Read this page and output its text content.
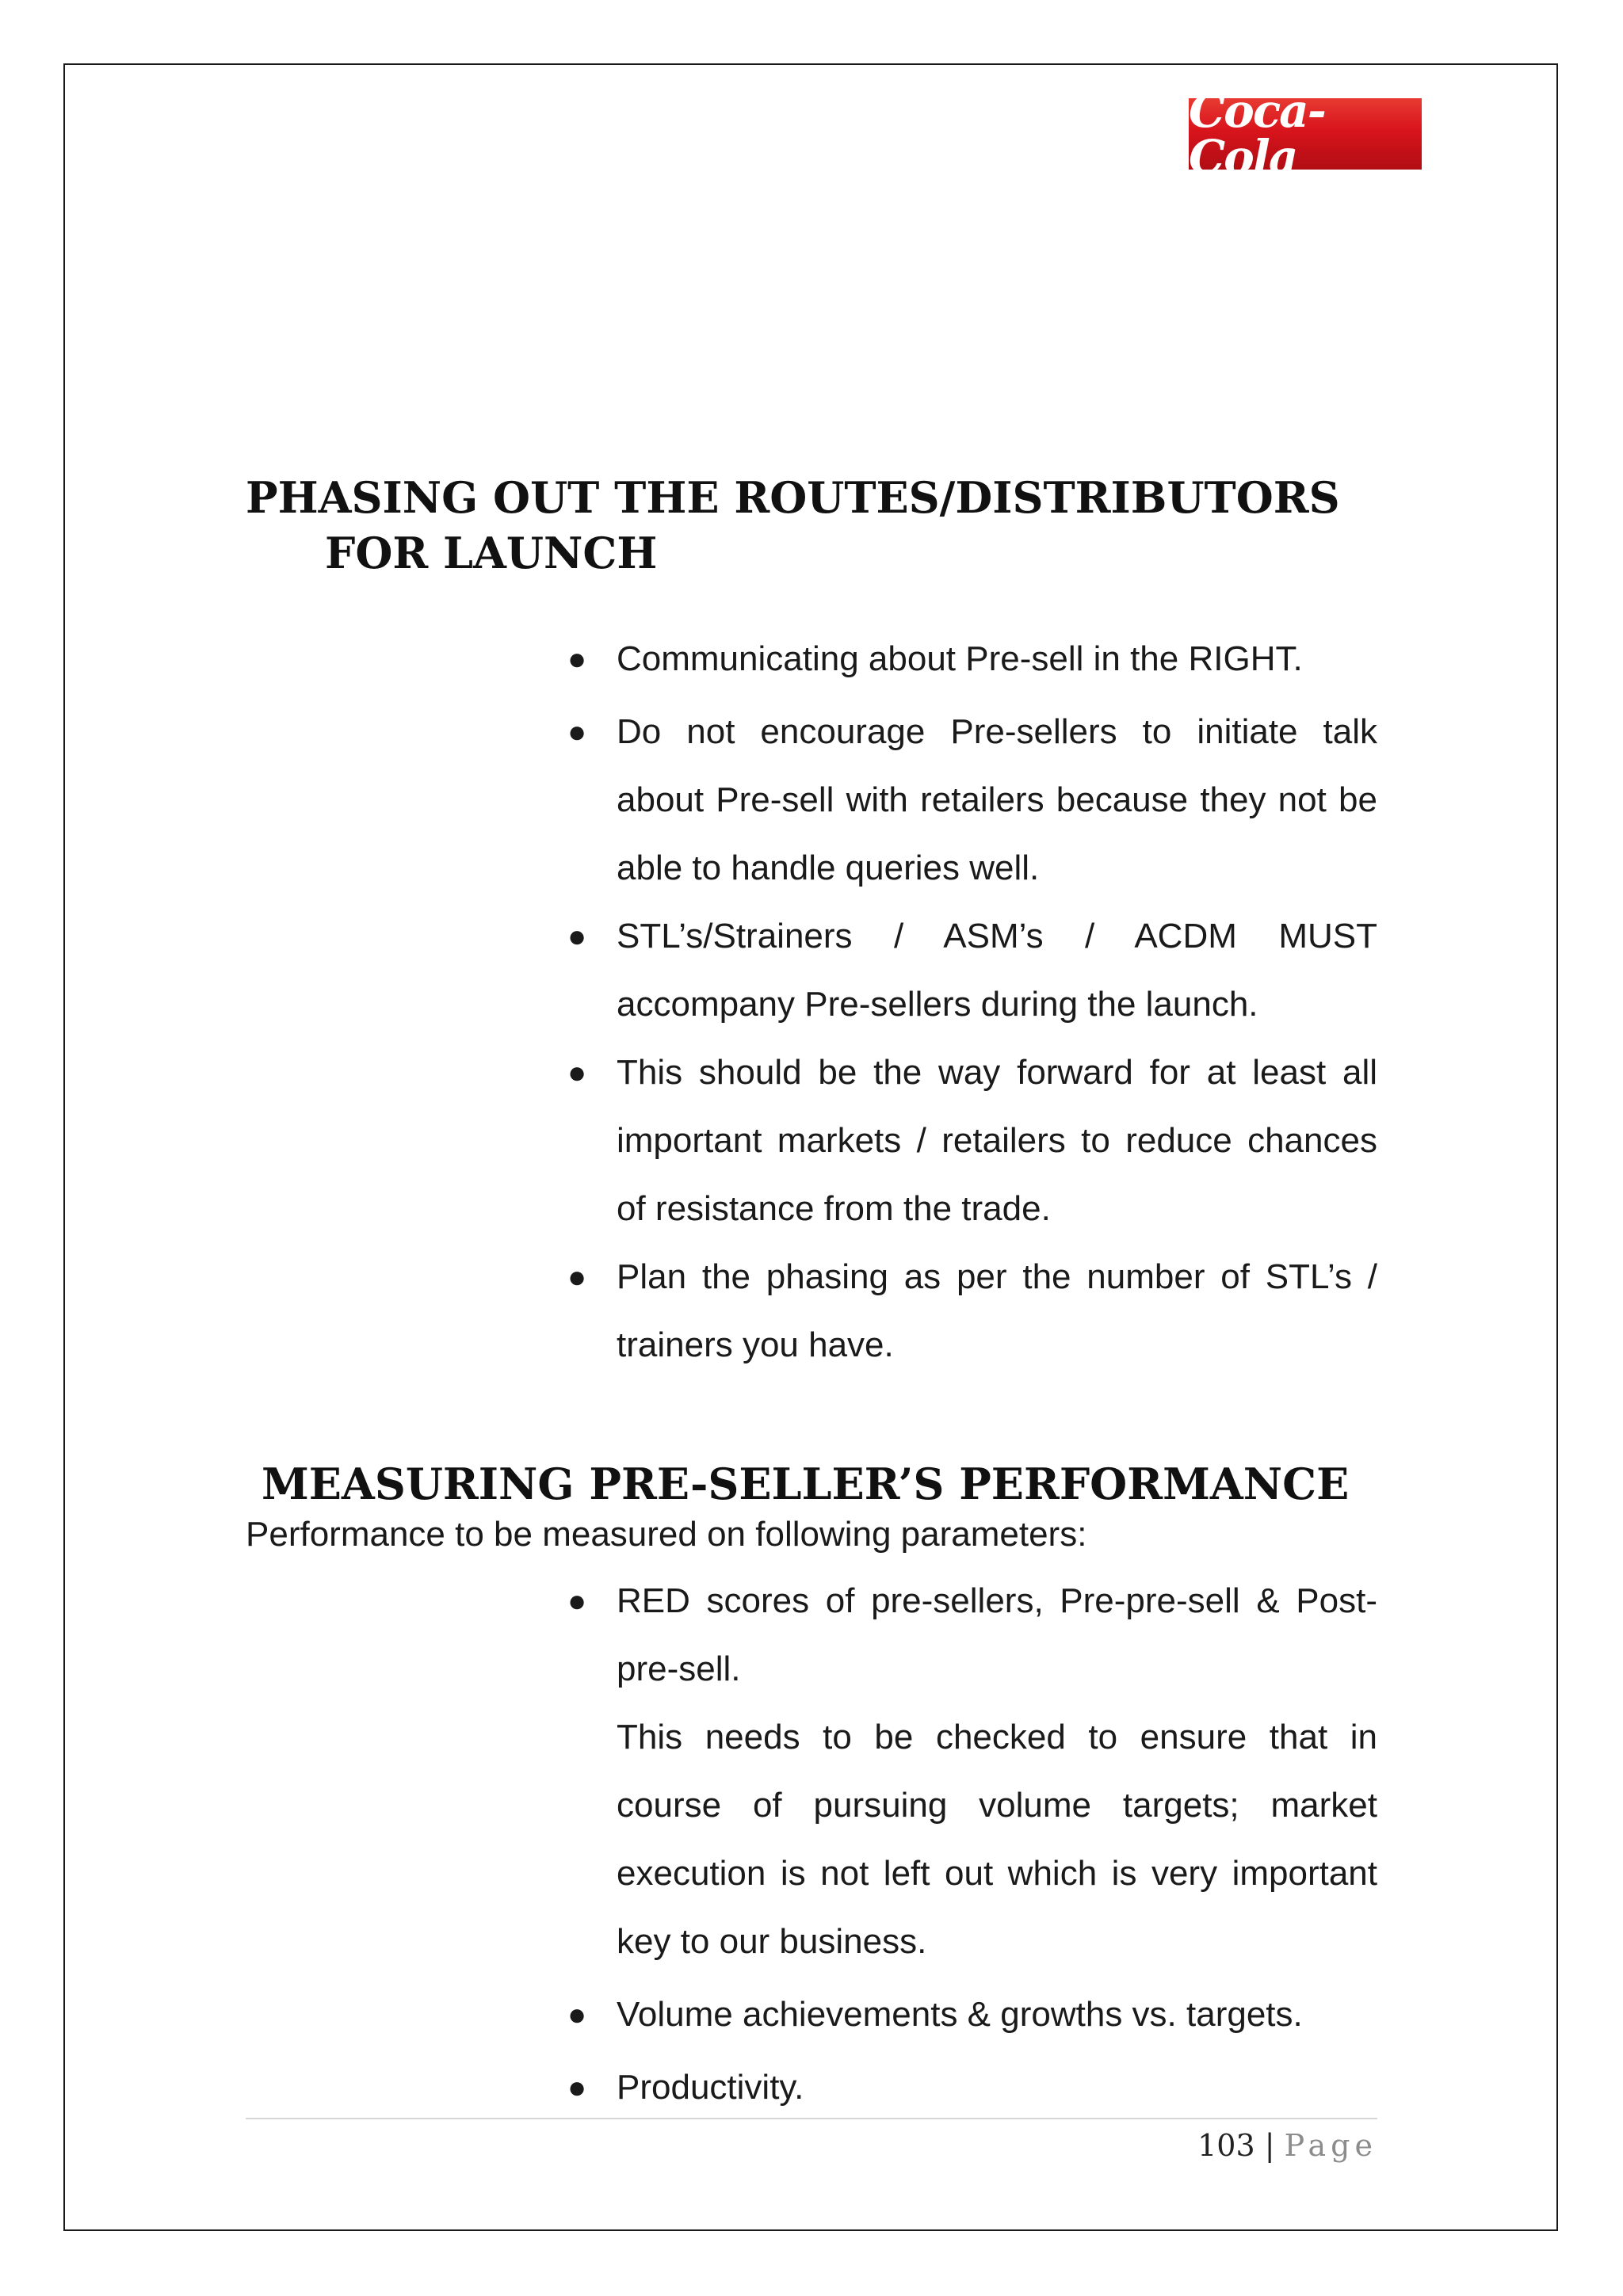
Coca-Cola
PHASING OUT THE ROUTES/DISTRIBUTORS
FOR LAUNCH
● Communicating about Pre-sell in the RIGHT.
● Do not encourage Pre-sellers to initiate talk about Pre-sell with retailers because they not be able to handle queries well.
● STL’s/Strainers / ASM’s / ACDM MUST accompany Pre-sellers during the launch.
● This should be the way forward for at least all important markets / retailers to reduce chances of resistance from the trade.
● Plan the phasing as per the number of STL’s / trainers you have.
MEASURING PRE-SELLER’S PERFORMANCE
Performance to be measured on following parameters:
● RED scores of pre-sellers, Pre-pre-sell & Post-pre-sell.
This needs to be checked to ensure that in course of pursuing volume targets; market execution is not left out which is very important key to our business.
● Volume achievements & growths vs. targets.
● Productivity.
103 | Page
